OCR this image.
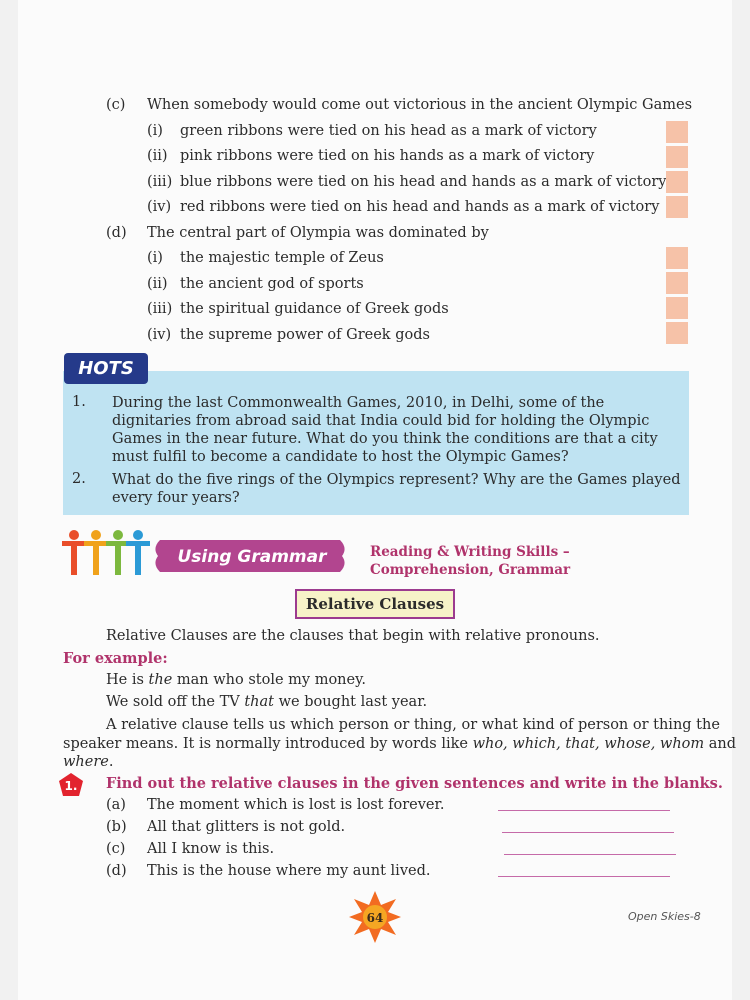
(c) When somebody would come out victorious in the ancient Olympic Games
(i) green ribbons were tied on his head as a mark of victory
(ii) pink ribbons were tied on his hands as a mark of victory
(iii) blue ribbons were tied on his head and hands as a mark of victory
(iv) red ribbons were tied on his head and hands as a mark of victory
(d) The central part of Olympia was dominated by
(i) the majestic temple of Zeus
(ii) the ancient god of sports
(iii) the spiritual guidance of Greek gods
(iv) the supreme power of Greek gods
HOTS
1. During the last Commonwealth Games, 2010, in Delhi, some of the dignitaries from abroad said that India could bid for holding the Olympic Games in the near future. What do you think the conditions are that a city must fulfil to become a candidate to host the Olympic Games?
2. What do the five rings of the Olympics represent? Why are the Games played every four years?
Using Grammar	Reading & Writing Skills –
Comprehension, Grammar
Relative Clauses
Relative Clauses are the clauses that begin with relative pronouns.
For example:
He is the man who stole my money.
We sold off the TV that we bought last year.
A relative clause tells us which person or thing, or what kind of person or thing the
speaker means. It is normally introduced by words like who, which, that, whose, whom and
where.
1. Find out the relative clauses in the given sentences and write in the blanks.
(a) The moment which is lost is lost forever.
(b) All that glitters is not gold.
(c) All I know is this.
(d) This is the house where my aunt lived.
64	Open Skies-8
